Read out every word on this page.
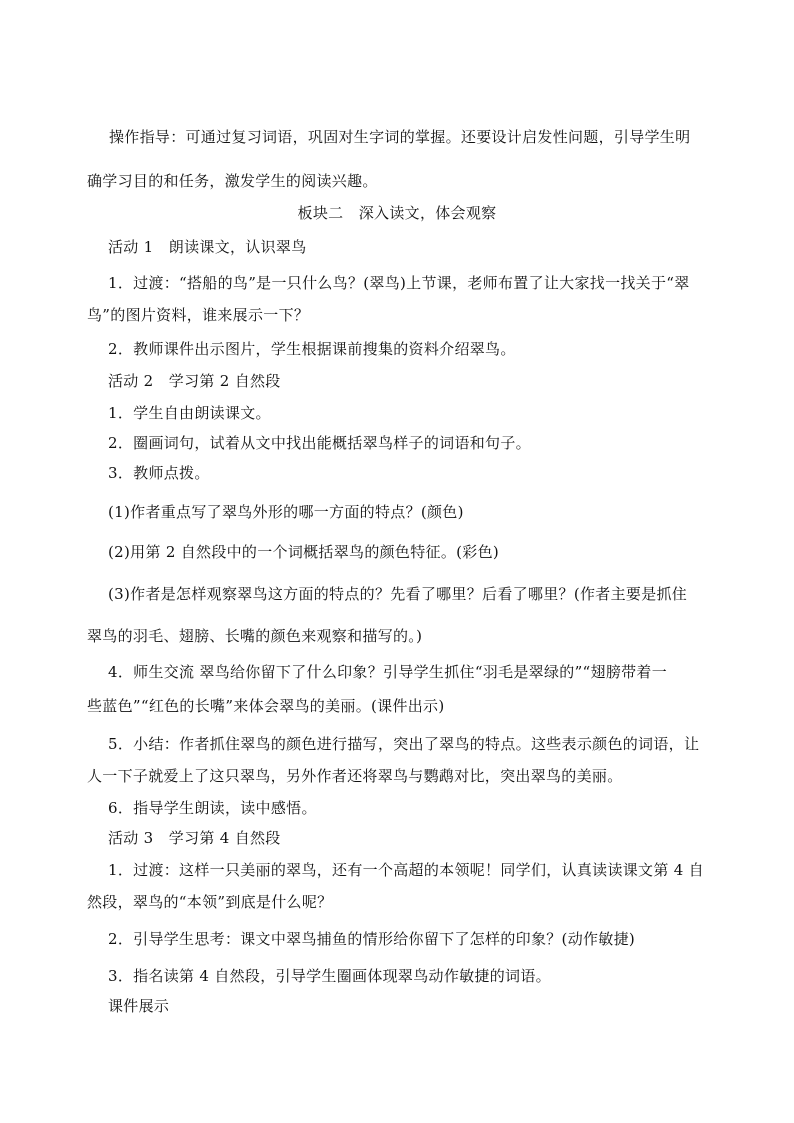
操作指导：可通过复习词语，巩固对生字词的掌握。还要设计启发性问题，引导学生明
确学习目的和任务，激发学生的阅读兴趣。
板块二　深入读文，体会观察
活动 1　朗读课文，认识翠鸟
1．过渡：“搭船的鸟”是一只什么鸟？(翠鸟)上节课，老师布置了让大家找一找关于“翠
鸟”的图片资料，谁来展示一下？
2．教师课件出示图片，学生根据课前搜集的资料介绍翠鸟。
活动 2　学习第 2 自然段
1．学生自由朗读课文。
2．圈画词句，试着从文中找出能概括翠鸟样子的词语和句子。
3．教师点拨。
(1)作者重点写了翠鸟外形的哪一方面的特点？(颜色)
(2)用第 2 自然段中的一个词概括翠鸟的颜色特征。(彩色)
(3)作者是怎样观察翠鸟这方面的特点的？先看了哪里？后看了哪里？(作者主要是抓住
翠鸟的羽毛、翅膀、长嘴的颜色来观察和描写的。)
4．师生交流 翠鸟给你留下了什么印象？引导学生抓住“羽毛是翠绿的”“翅膀带着一
些蓝色”“红色的长嘴”来体会翠鸟的美丽。(课件出示)
5．小结：作者抓住翠鸟的颜色进行描写，突出了翠鸟的特点。这些表示颜色的词语，让
人一下子就爱上了这只翠鸟，另外作者还将翠鸟与鹦鹉对比，突出翠鸟的美丽。
6．指导学生朗读，读中感悟。
活动 3　学习第 4 自然段
1．过渡：这样一只美丽的翠鸟，还有一个高超的本领呢！同学们，认真读读课文第 4 自
然段，翠鸟的“本领”到底是什么呢？
2．引导学生思考：课文中翠鸟捕鱼的情形给你留下了怎样的印象？(动作敏捷)
3．指名读第 4 自然段，引导学生圈画体现翠鸟动作敏捷的词语。
课件展示
